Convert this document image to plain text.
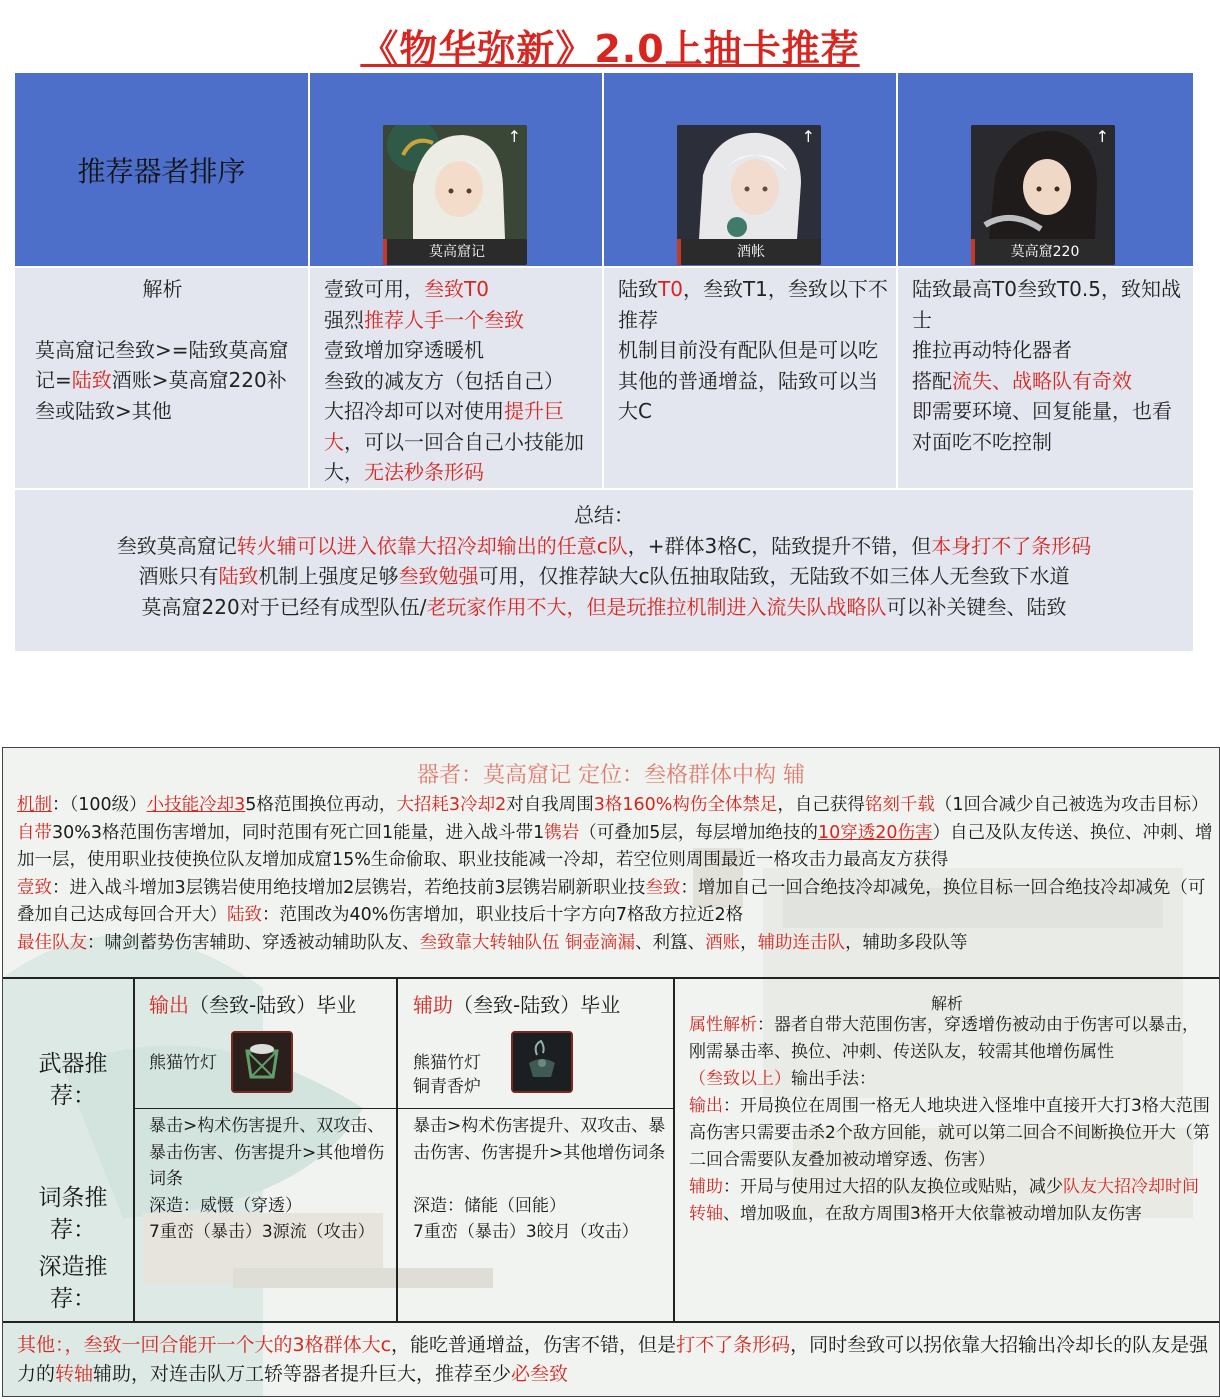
《物华弥新》2.0上抽卡推荐
推荐器者排序
↑
莫高窟记
↑
酒帐
↑
莫高窟220
解析
莫高窟记叁致>=陆致莫高窟记=陆致酒账>莫高窟220补叁或陆致>其他
壹致可用，叁致T0
强烈推荐人手一个叁致
壹致增加穿透暖机
叁致的减友方（包括自己）
大招冷却可以对使用提升巨大，可以一回合自己小技能加大，无法秒条形码
陆致T0，叁致T1，叁致以下不推荐
机制目前没有配队但是可以吃其他的普通增益，陆致可以当大C
陆致最高T0叁致T0.5，致知战士
推拉再动特化器者
搭配流失、战略队有奇效
即需要环境、回复能量，也看对面吃不吃控制
总结：
叁致莫高窟记转火辅可以进入依靠大招冷却输出的任意c队，+群体3格C，陆致提升不错，但本身打不了条形码
酒账只有陆致机制上强度足够叁致勉强可用，仅推荐缺大c队伍抽取陆致，无陆致不如三体人无叁致下水道
莫高窟220对于已经有成型队伍/老玩家作用不大，但是玩推拉机制进入流失队战略队可以补关键叁、陆致
器者：莫高窟记 定位：叁格群体中构 辅

机制：（100级）小技能冷却35格范围换位再动，大招耗3冷却2对自我周围3格160%构伤全体禁足，自己获得铭刻千载（1回合减少自己被选为攻击目标）自带30%3格范围伤害增加，同时范围有死亡回1能量，进入战斗带1镌岩（可叠加5层，每层增加绝技的10穿透20伤害）自己及队友传送、换位、冲刺、增加一层，使用职业技使换位队友增加成窟15%生命偷取、职业技能减一冷却，若空位则周围最近一格攻击力最高友方获得

壹致：进入战斗增加3层镌岩使用绝技增加2层镌岩，若绝技前3层镌岩刷新职业技叁致：增加自己一回合绝技冷却减免，换位目标一回合绝技冷却减免（可叠加自己达成每回合开大）陆致：范围改为40%伤害增加，职业技后十字方向7格敌方拉近2格

最佳队友：啸剑蓄势伤害辅助、穿透被动辅助队友、叁致靠大转轴队伍 铜壶滴漏、利簋、酒账，辅助连击队，辅助多段队等

武器推荐：
词条推荐：
深造推荐：
输出（叁致-陆致）毕业
熊猫竹灯
暴击>构术伤害提升、双攻击、暴击伤害、伤害提升>其他增伤词条
深造：威慑（穿透）
7重峦（暴击）3源流（攻击）
辅助（叁致-陆致）毕业
熊猫竹灯
铜青香炉
暴击>构术伤害提升、双攻击、暴击伤害、伤害提升>其他增伤词条
深造：储能（回能）
7重峦（暴击）3皎月（攻击）
解析
属性解析：器者自带大范围伤害，穿透增伤被动由于伤害可以暴击，刚需暴击率、换位、冲刺、传送队友，较需其他增伤属性
（叁致以上）输出手法：
输出：开局换位在周围一格无人地块进入怪堆中直接开大打3格大范围高伤害只需要击杀2个敌方回能，就可以第二回合不间断换位开大（第二回合需要队友叠加被动增穿透、伤害）
辅助：开局与使用过大招的队友换位或贴贴，减少队友大招冷却时间转轴、增加吸血，在敌方周围3格开大依靠被动增加队友伤害
其他：，叁致一回合能开一个大的3格群体大c，能吃普通增益，伤害不错，但是打不了条形码，同时叁致可以拐依靠大招输出冷却长的队友是强力的转轴辅助，对连击队万工轿等器者提升巨大，推荐至少必叁致
